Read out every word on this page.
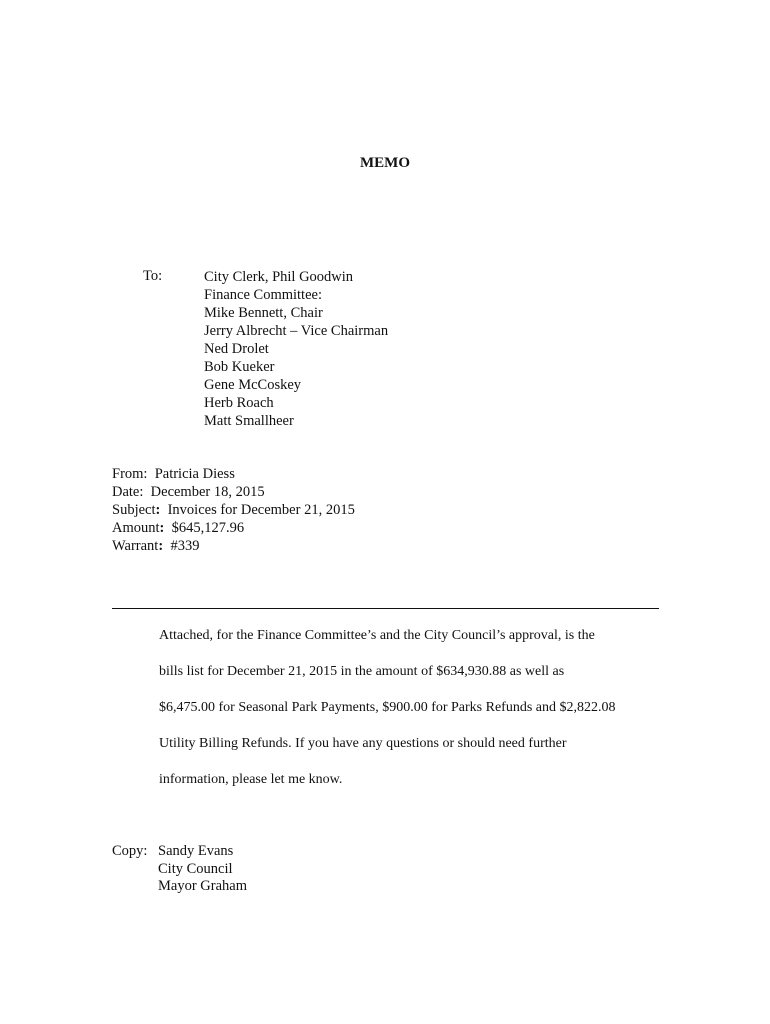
MEMO
To:	City Clerk, Phil Goodwin
Finance Committee:
Mike Bennett, Chair
Jerry Albrecht – Vice Chairman
Ned Drolet
Bob Kueker
Gene McCoskey
Herb Roach
Matt Smallheer
From: Patricia Diess
Date: December 18, 2015
Subject: Invoices for December 21, 2015
Amount: $645,127.96
Warrant: #339
Attached, for the Finance Committee’s and the City Council’s approval, is the
bills list for December 21, 2015 in the amount of $634,930.88 as well as
$6,475.00 for Seasonal Park Payments, $900.00 for Parks Refunds and $2,822.08
Utility Billing Refunds. If you have any questions or should need further
information, please let me know.
Copy: Sandy Evans
City Council
Mayor Graham
